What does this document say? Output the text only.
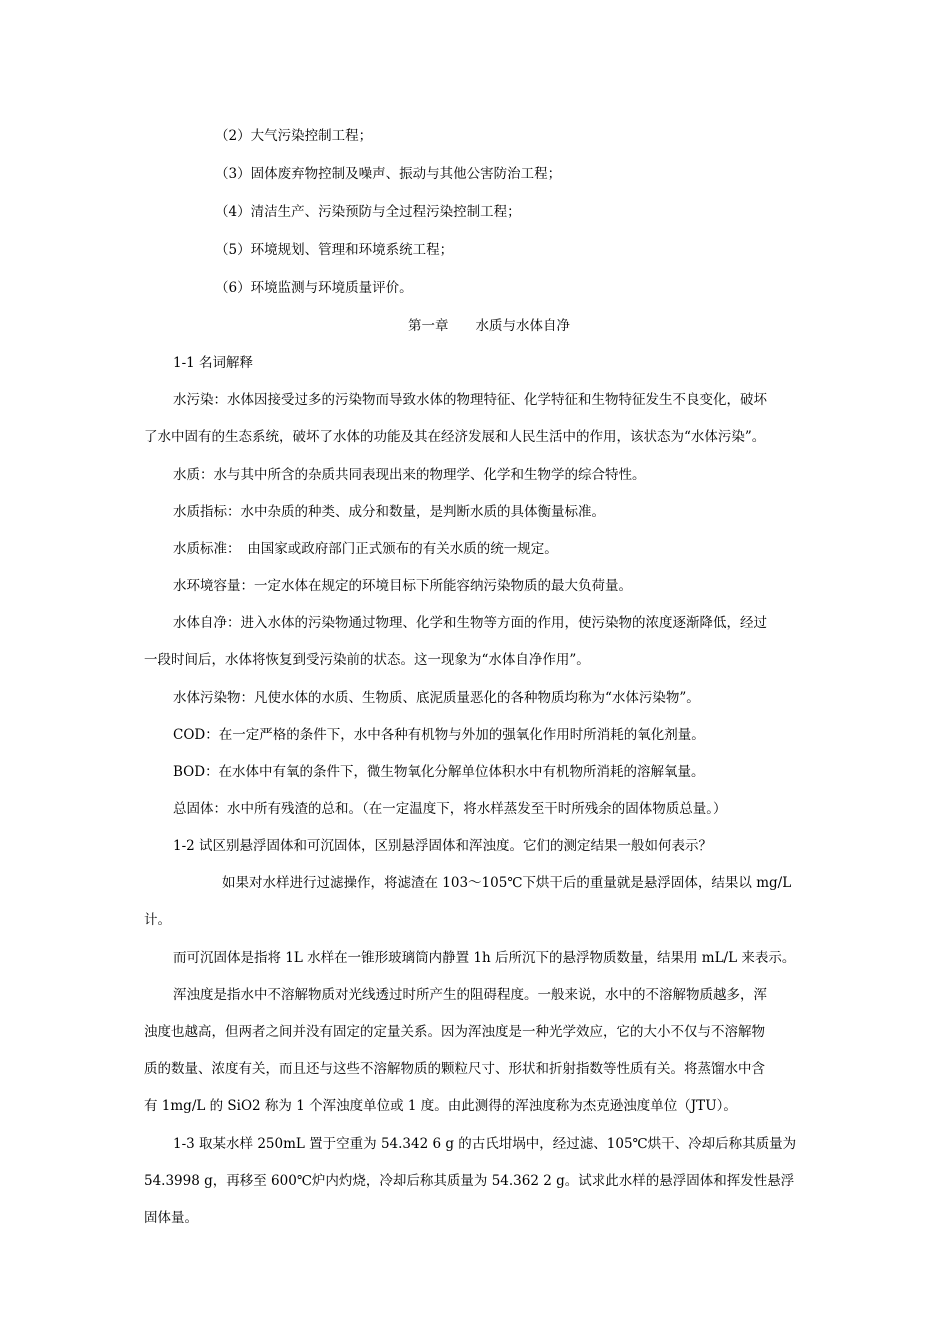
（2）大气污染控制工程；
（3）固体废弃物控制及噪声、振动与其他公害防治工程；
（4）清洁生产、污染预防与全过程污染控制工程；
（5）环境规划、管理和环境系统工程；
（6）环境监测与环境质量评价。
第一章　　水质与水体自净
1-1 名词解释
水污染：水体因接受过多的污染物而导致水体的物理特征、化学特征和生物特征发生不良变化，破坏
了水中固有的生态系统，破坏了水体的功能及其在经济发展和人民生活中的作用，该状态为“水体污染”。
水质：水与其中所含的杂质共同表现出来的物理学、化学和生物学的综合特性。
水质指标：水中杂质的种类、成分和数量，是判断水质的具体衡量标准。
水质标准：　由国家或政府部门正式颁布的有关水质的统一规定。
水环境容量：一定水体在规定的环境目标下所能容纳污染物质的最大负荷量。
水体自净：进入水体的污染物通过物理、化学和生物等方面的作用，使污染物的浓度逐渐降低，经过
一段时间后，水体将恢复到受污染前的状态。这一现象为“水体自净作用”。
水体污染物：凡使水体的水质、生物质、底泥质量恶化的各种物质均称为“水体污染物”。
COD：在一定严格的条件下，水中各种有机物与外加的强氧化作用时所消耗的氧化剂量。
BOD：在水体中有氧的条件下，微生物氧化分解单位体积水中有机物所消耗的溶解氧量。
总固体：水中所有残渣的总和。（在一定温度下，将水样蒸发至干时所残余的固体物质总量。）
1-2 试区别悬浮固体和可沉固体，区别悬浮固体和浑浊度。它们的测定结果一般如何表示？
如果对水样进行过滤操作，将滤渣在 103～105℃下烘干后的重量就是悬浮固体，结果以 mg/L
计。
而可沉固体是指将 1L 水样在一锥形玻璃筒内静置 1h 后所沉下的悬浮物质数量，结果用 mL/L 来表示。
浑浊度是指水中不溶解物质对光线透过时所产生的阻碍程度。一般来说，水中的不溶解物质越多，浑
浊度也越高，但两者之间并没有固定的定量关系。因为浑浊度是一种光学效应，它的大小不仅与不溶解物
质的数量、浓度有关，而且还与这些不溶解物质的颗粒尺寸、形状和折射指数等性质有关。将蒸馏水中含
有 1mg/L 的 SiO2 称为 1 个浑浊度单位或 1 度。由此测得的浑浊度称为杰克逊浊度单位（JTU）。
1-3 取某水样 250mL 置于空重为 54.342 6 g 的古氏坩埚中，经过滤、105℃烘干、冷却后称其质量为
54.3998 g，再移至 600℃炉内灼烧，冷却后称其质量为 54.362 2 g。试求此水样的悬浮固体和挥发性悬浮
固体量。
